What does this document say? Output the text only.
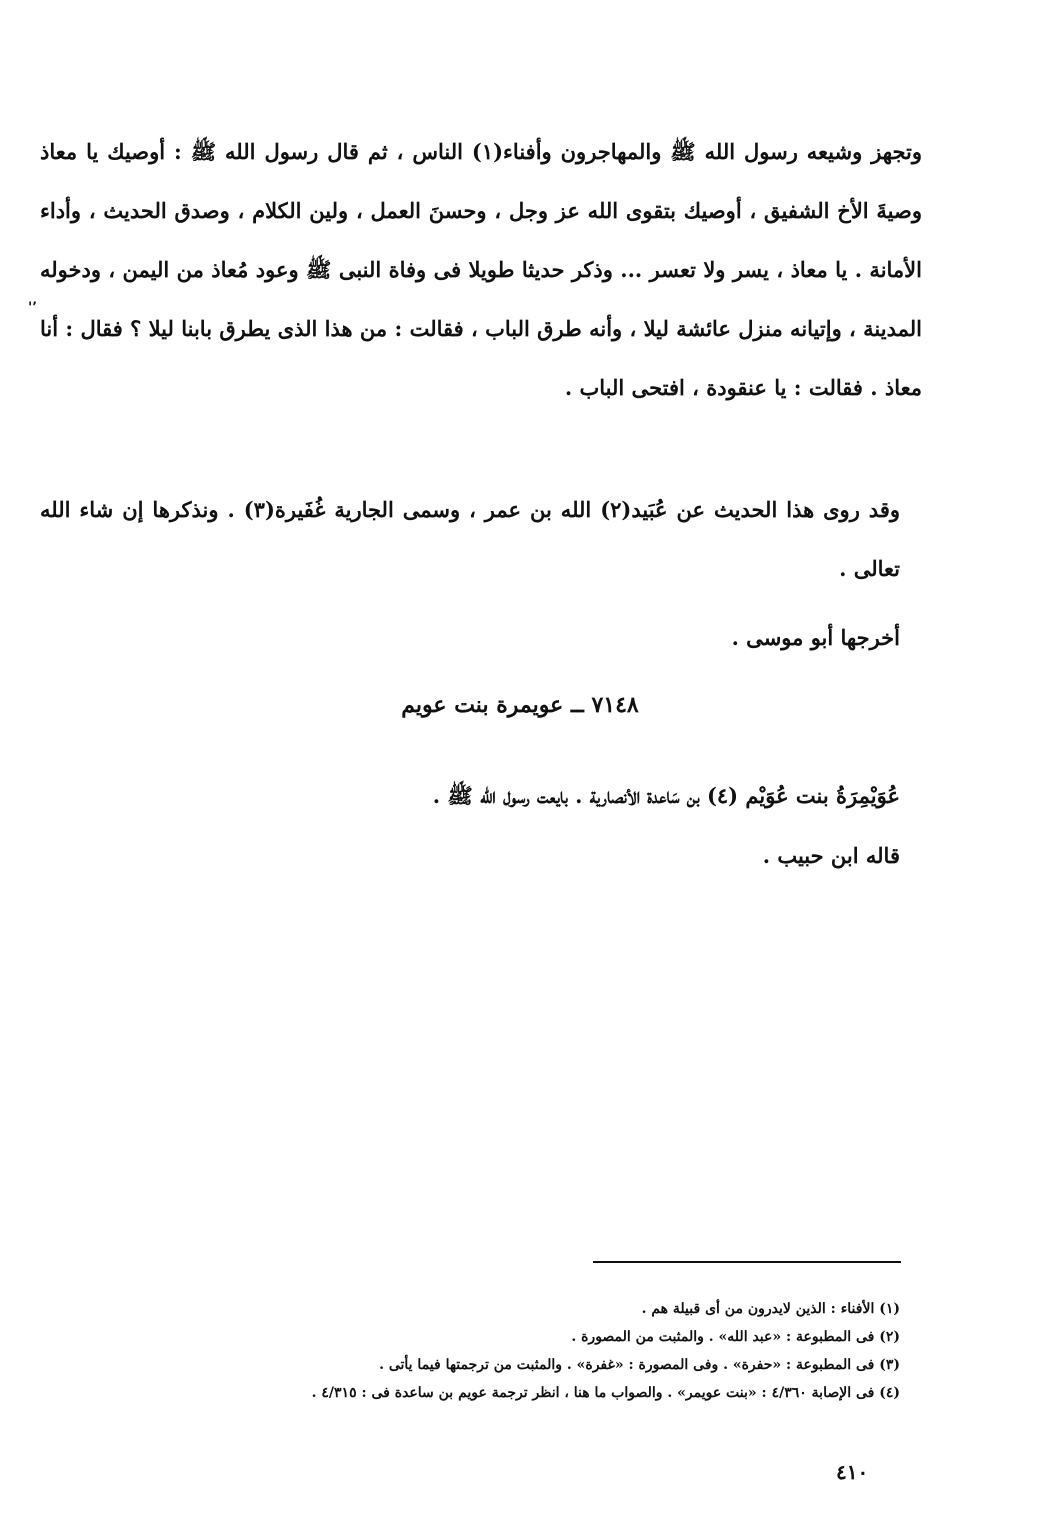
٬'

وتجهز وشيعه رسول الله ﷺ والمهاجرون وأفناء(١) الناس ، ثم قال رسول الله ﷺ : أوصيك يا معاذ وصيةَ الأخ الشفيق ، أوصيك بتقوى الله عز وجل ، وحسنَ العمل ، ولين الكلام ، وصدق الحديث ، وأداء الأمانة . يا معاذ ، يسر ولا تعسر ... وذكر حديثا طويلا فى وفاة النبى ﷺ وعود مُعاذ من اليمن ، ودخوله المدينة ، وإتيانه منزل عائشة ليلا ، وأنه طرق الباب ، فقالت : من هذا الذى يطرق بابنا ليلا ؟ فقال : أنا معاذ . فقالت : يا عنقودة ، افتحى الباب .

وقد روى هذا الحديث عن عُبَيد(٢) الله بن عمر ، وسمى الجارية غُفَيرة(٣) . ونذكرها إن شاء الله تعالى .

أخرجها أبو موسى .

٧١٤٨ ــ عويمرة بنت عويم

عُوَيْمِرَةُ بنت عُوَيْم (٤) بن سَاعدة الأنصارية . بايعت رسول الله ﷺ .

قاله ابن حبيب .

(١) الأفناء : الذين لايدرون من أى قبيلة هم .
(٢) فى المطبوعة : «عبد الله» . والمثبت من المصورة .
(٣) فى المطبوعة : «حفرة» . وفى المصورة : «غفرة» . والمثبت من ترجمتها فيما يأتى .
(٤) فى الإصابة ٤/٣٦٠ : «بنت عويمر» . والصواب ما هنا ، انظر ترجمة عويم بن ساعدة فى : ٤/٣١٥ .
٤١٠
